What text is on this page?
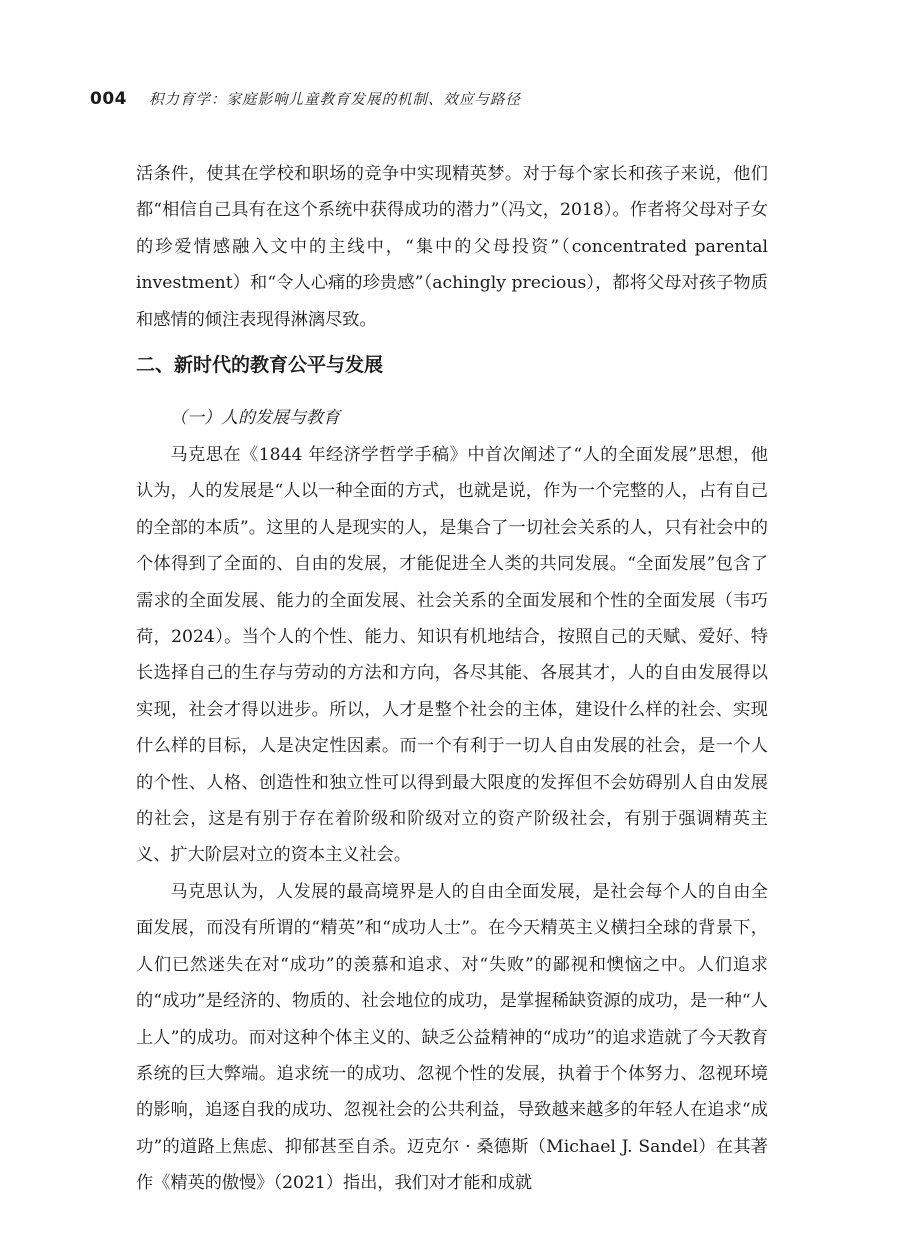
004 积力育学：家庭影响儿童教育发展的机制、效应与路径

活条件，使其在学校和职场的竞争中实现精英梦。对于每个家长和孩子来说，他们都“相信自己具有在这个系统中获得成功的潜力”（冯文，2018）。作者将父母对子女的珍爱情感融入文中的主线中，“集中的父母投资”（concentrated parental investment）和“令人心痛的珍贵感”（achingly precious），都将父母对孩子物质和感情的倾注表现得淋漓尽致。

二、新时代的教育公平与发展
（一）人的发展与教育

马克思在《1844 年经济学哲学手稿》中首次阐述了“人的全面发展”思想，他认为，人的发展是“人以一种全面的方式，也就是说，作为一个完整的人，占有自己的全部的本质”。这里的人是现实的人，是集合了一切社会关系的人，只有社会中的个体得到了全面的、自由的发展，才能促进全人类的共同发展。“全面发展”包含了需求的全面发展、能力的全面发展、社会关系的全面发展和个性的全面发展（韦巧荷，2024）。当个人的个性、能力、知识有机地结合，按照自己的天赋、爱好、特长选择自己的生存与劳动的方法和方向，各尽其能、各展其才，人的自由发展得以实现，社会才得以进步。所以，人才是整个社会的主体，建设什么样的社会、实现什么样的目标，人是决定性因素。而一个有利于一切人自由发展的社会，是一个人的个性、人格、创造性和独立性可以得到最大限度的发挥但不会妨碍别人自由发展的社会，这是有别于存在着阶级和阶级对立的资产阶级社会，有别于强调精英主义、扩大阶层对立的资本主义社会。

马克思认为，人发展的最高境界是人的自由全面发展，是社会每个人的自由全面发展，而没有所谓的“精英”和“成功人士”。在今天精英主义横扫全球的背景下，人们已然迷失在对“成功”的羡慕和追求、对“失败”的鄙视和懊恼之中。人们追求的“成功”是经济的、物质的、社会地位的成功，是掌握稀缺资源的成功，是一种“人上人”的成功。而对这种个体主义的、缺乏公益精神的“成功”的追求造就了今天教育系统的巨大弊端。追求统一的成功、忽视个性的发展，执着于个体努力、忽视环境的影响，追逐自我的成功、忽视社会的公共利益，导致越来越多的年轻人在追求“成功”的道路上焦虑、抑郁甚至自杀。迈克尔 · 桑德斯（Michael J. Sandel）在其著作《精英的傲慢》（2021）指出，我们对才能和成就
